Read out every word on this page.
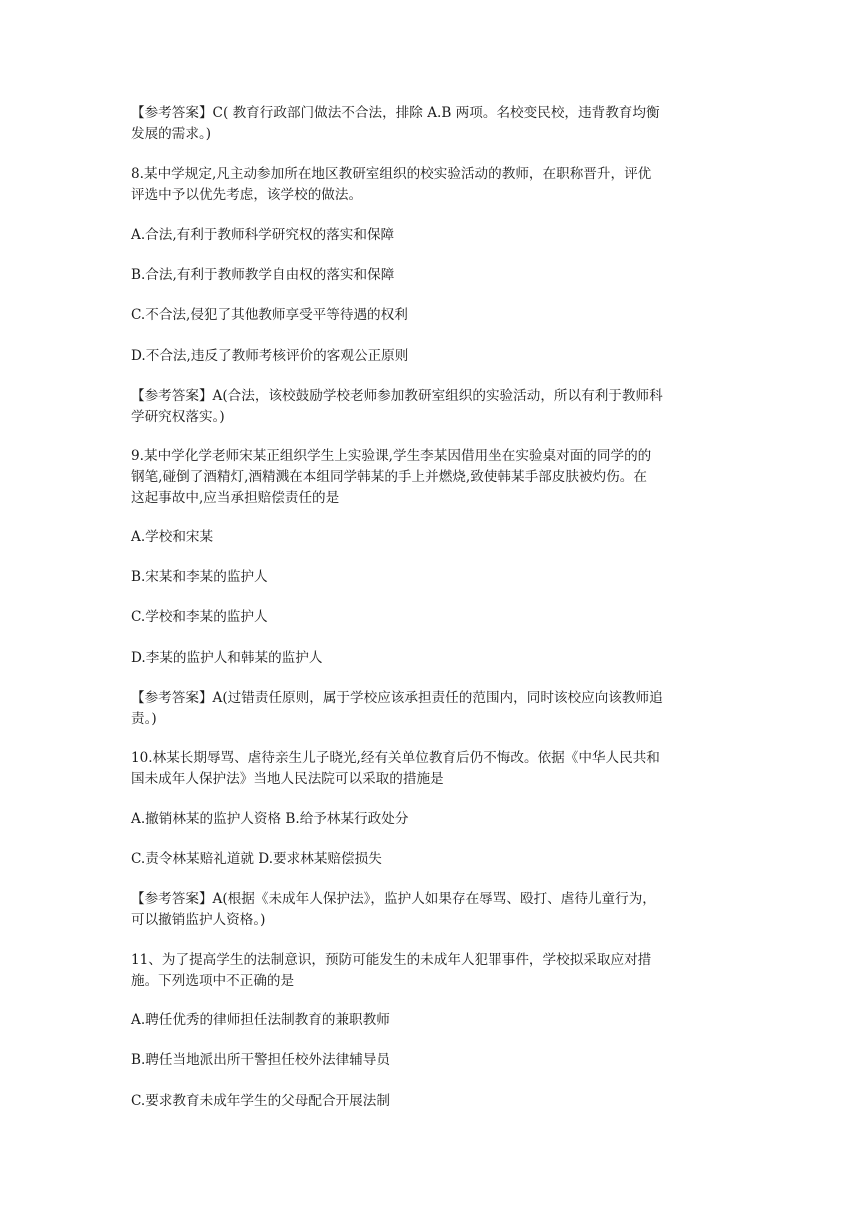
【参考答案】C( 教育行政部门做法不合法，排除 A.B 两项。名校变民校，违背教育均衡
发展的需求。)
8.某中学规定,凡主动参加所在地区教研室组织的校实验活动的教师，在职称晋升，评优
评选中予以优先考虑，该学校的做法。
A.合法,有利于教师科学研究权的落实和保障
B.合法,有利于教师教学自由权的落实和保障
C.不合法,侵犯了其他教师享受平等待遇的权利
D.不合法,违反了教师考核评价的客观公正原则
【参考答案】A(合法，该校鼓励学校老师参加教研室组织的实验活动，所以有利于教师科
学研究权落实。)
9.某中学化学老师宋某正组织学生上实验课,学生李某因借用坐在实验桌对面的同学的的
钢笔,碰倒了酒精灯,酒精溅在本组同学韩某的手上并燃烧,致使韩某手部皮肤被灼伤。在
这起事故中,应当承担赔偿责任的是
A.学校和宋某
B.宋某和李某的监护人
C.学校和李某的监护人
D.李某的监护人和韩某的监护人
【参考答案】A(过错责任原则，属于学校应该承担责任的范围内，同时该校应向该教师追
责。)
10.林某长期辱骂、虐待亲生儿子晓光,经有关单位教育后仍不悔改。依据《中华人民共和
国未成年人保护法》当地人民法院可以采取的措施是
A.撤销林某的监护人资格 B.给予林某行政处分
C.责令林某赔礼道就 D.要求林某赔偿损失
【参考答案】A(根据《未成年人保护法》，监护人如果存在辱骂、殴打、虐待儿童行为，
可以撤销监护人资格。)
11、为了提高学生的法制意识，预防可能发生的未成年人犯罪事件，学校拟采取应对措
施。下列选项中不正确的是
A.聘任优秀的律师担任法制教育的兼职教师
B.聘任当地派出所干警担任校外法律辅导员
C.要求教育未成年学生的父母配合开展法制
